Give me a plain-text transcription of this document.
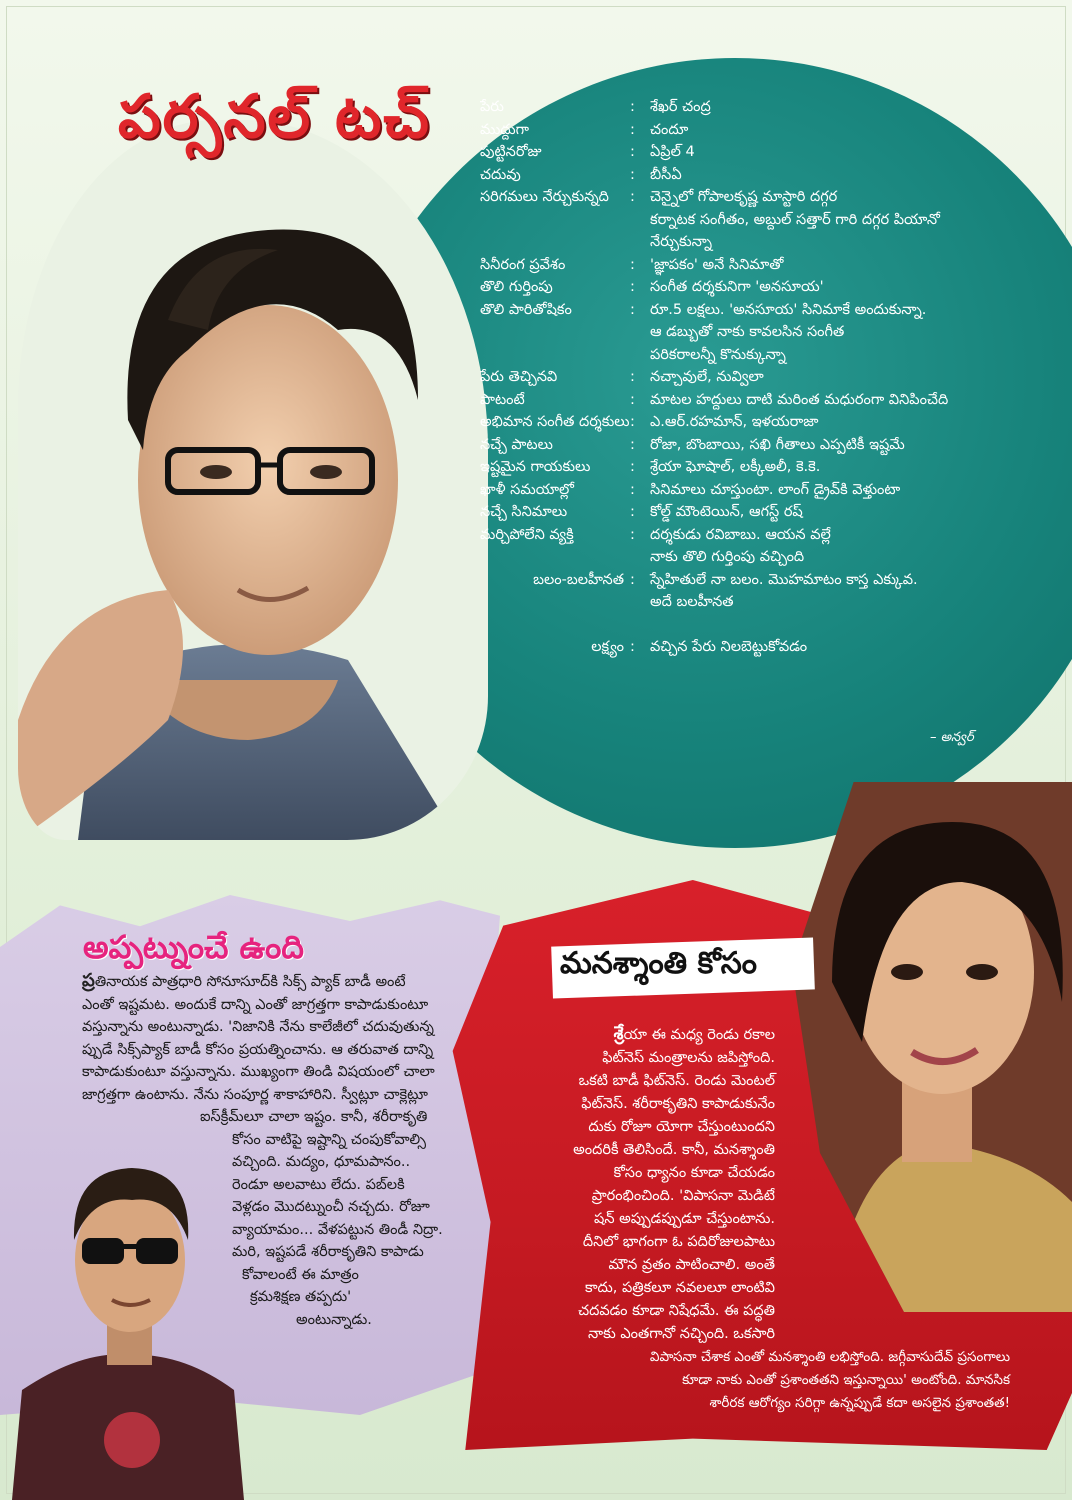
పర్సనల్ టచ్	పేరు	:	శేఖర్ చంద్ర
ముద్దుగా	:	చందూ
పుట్టినరోజు	:	ఏప్రిల్ 4
చదువు	:	బీసీఏ
సరిగమలు నేర్చుకున్నది	:	చెన్నైలో గోపాలకృష్ణ మాస్టారి దగ్గర
కర్నాటక సంగీతం, అబ్దుల్ సత్తార్ గారి దగ్గర పియానో
నేర్చుకున్నా
సినీరంగ ప్రవేశం	:	'జ్ఞాపకం' అనే సినిమాతో
తొలి గుర్తింపు	:	సంగీత దర్శకునిగా 'అనసూయ'
తొలి పారితోషికం	:	రూ.5 లక్షలు. 'అనసూయ' సినిమాకే అందుకున్నా.
ఆ డబ్బుతో నాకు కావలసిన సంగీత
పరికరాలన్నీ కొనుక్కున్నా
పేరు తెచ్చినవి	:	నచ్చావులే, నువ్విలా
పాటంటే	:	మాటల హద్దులు దాటి మరింత మధురంగా వినిపించేది
అభిమాన సంగీత దర్శకులు :	ఎ.ఆర్.రహమాన్, ఇళయరాజా
నచ్చే పాటలు	:	రోజా, బొంబాయి, సఖి గీతాలు ఎప్పటికీ ఇష్టమే
ఇష్టమైన గాయకులు	:	శ్రేయా ఘోషాల్, లక్కీఅలీ, కె.కె.
ఖాళీ సమయాల్లో	:	సినిమాలు చూస్తుంటా. లాంగ్ డ్రైవ్‌కి వెళ్తుంటా
నచ్చే సినిమాలు	:	కోల్డ్ మౌంటెయిన్, ఆగస్ట్ రష్
మర్చిపోలేని వ్యక్తి	:	దర్శకుడు రవిబాబు. ఆయన వల్లే
నాకు తొలి గుర్తింపు వచ్చింది
బలం-బలహీనత :	స్నేహితులే నా బలం. మొహమాటం కాస్త ఎక్కువ.
అదే బలహీనత
లక్ష్యం :	వచ్చిన పేరు నిలబెట్టుకోవడం
– అన్వర్
అప్పట్నుంచే ఉంది
ప్రతినాయక పాత్రధారి సోనూసూద్‌కి సిక్స్ ప్యాక్ బాడీ అంటే
ఎంతో ఇష్టమట. అందుకే దాన్ని ఎంతో జాగ్రత్తగా కాపాడుకుంటూ
వస్తున్నాను అంటున్నాడు. 'నిజానికి నేను కాలేజీలో చదువుతున్న
ప్పుడే సిక్స్‌ప్యాక్ బాడీ కోసం ప్రయత్నించాను. ఆ తరువాత దాన్ని
కాపాడుకుంటూ వస్తున్నాను. ముఖ్యంగా తిండి విషయంలో చాలా
జాగ్రత్తగా ఉంటాను. నేను సంపూర్ణ శాకాహారిని. స్వీట్లూ చాక్లెట్లూ
ఐస్‌క్రీమ్‌లూ చాలా ఇష్టం. కానీ, శరీరాకృతి
కోసం వాటిపై ఇష్టాన్ని చంపుకోవాల్సి
వచ్చింది. మద్యం, ధూమపానం..
రెండూ అలవాటు లేదు. పబ్‌లకి
వెళ్లడం మొదట్నుంచీ నచ్చదు. రోజూ
వ్యాయామం... వేళపట్టున తిండీ నిద్రా.
మరి, ఇష్టపడే శరీరాకృతిని కాపాడు
కోవాలంటే ఈ మాత్రం
క్రమశిక్షణ తప్పదు'
అంటున్నాడు.
మనశ్శాంతి కోసం
శ్రేయా ఈ మధ్య రెండు రకాల
ఫిట్‌నెస్ మంత్రాలను జపిస్తోంది.
ఒకటి బాడీ ఫిట్‌నెస్. రెండు మెంటల్
ఫిట్‌నెస్. శరీరాకృతిని కాపాడుకునేం
దుకు రోజూ యోగా చేస్తుంటుందని
అందరికీ తెలిసిందే. కానీ, మనశ్శాంతి
కోసం ధ్యానం కూడా చేయడం
ప్రారంభించింది. 'విపాసనా మెడిటే
షన్ అప్పుడప్పుడూ చేస్తుంటాను.
దీనిలో భాగంగా ఓ పదిరోజులపాటు
మౌన వ్రతం పాటించాలి. అంతే
కాదు, పత్రికలూ నవలలూ లాంటివి
చదవడం కూడా నిషేధమే. ఈ పద్ధతి
నాకు ఎంతగానో నచ్చింది. ఒకసారి
విపాసనా చేశాక ఎంతో మనశ్శాంతి లభిస్తోంది. జగ్గీవాసుదేవ్ ప్రసంగాలు
కూడా నాకు ఎంతో ప్రశాంతతని ఇస్తున్నాయి' అంటోంది. మానసిక
శారీరక ఆరోగ్యం సరిగ్గా ఉన్నప్పుడే కదా అసలైన ప్రశాంతత!
